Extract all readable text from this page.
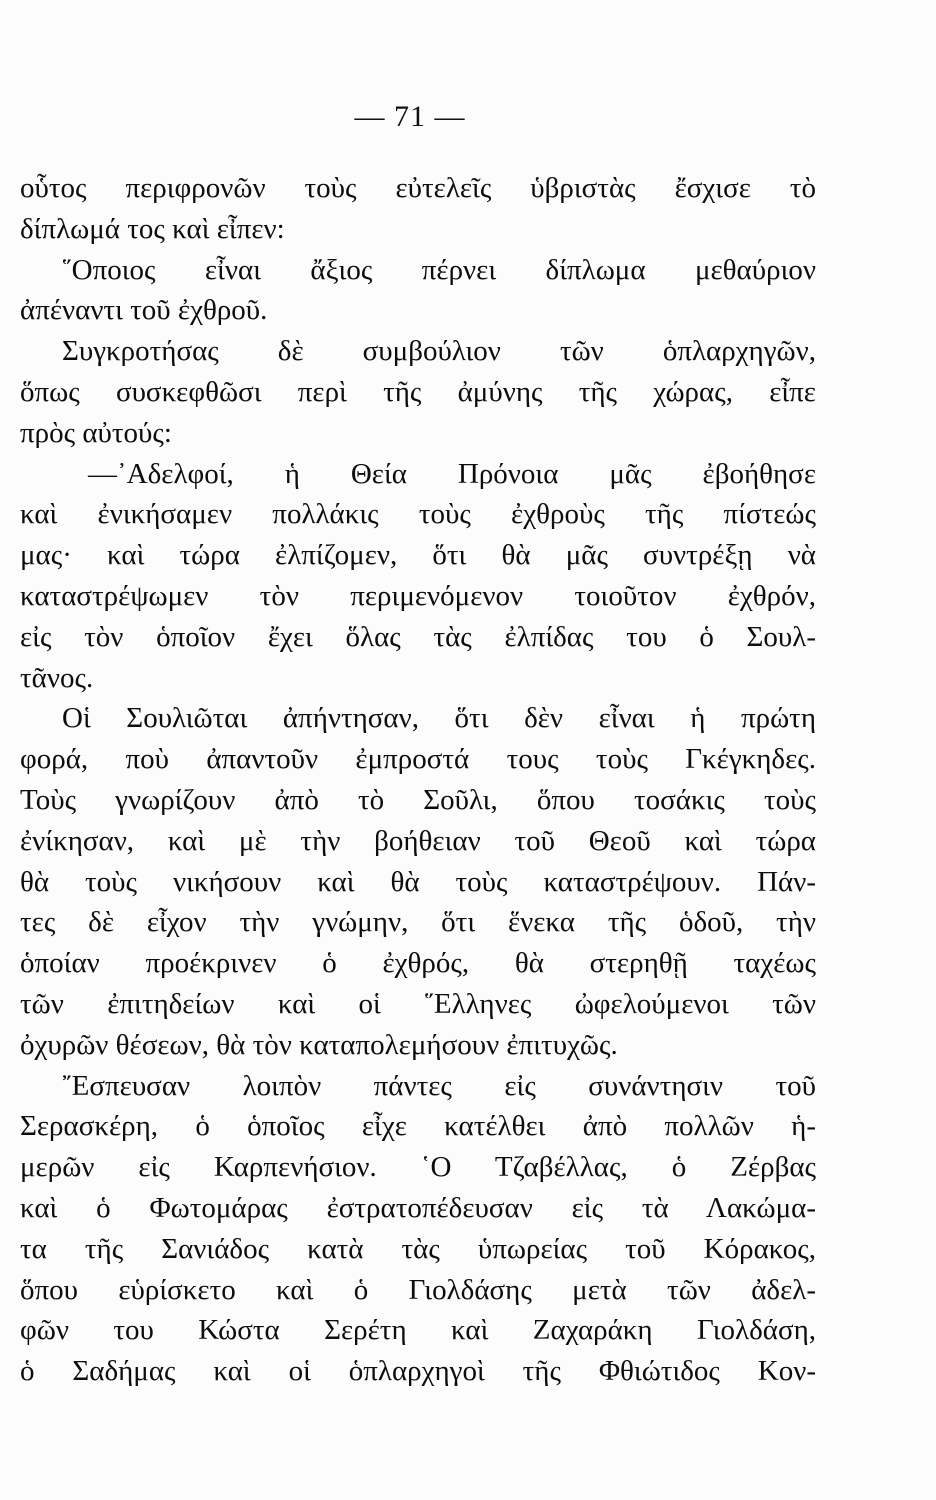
— 71 —
οὗτος περιφρονῶν τοὺς εὐτελεῖς ὑβριστὰς ἔσχισε τὸ
δίπλωμά τος καὶ εἶπεν:
῞Οποιος εἶναι ἄξιος πέρνει δίπλωμα μεθαύριον
ἀπέναντι τοῦ ἐχθροῦ.
Συγκροτήσας δὲ συμβούλιον τῶν ὁπλαρχηγῶν,
ὅπως συσκεφθῶσι περὶ τῆς ἀμύνης τῆς χώρας, εἶπε
πρὸς αὐτούς:
—᾿Αδελφοί, ἡ Θεία Πρόνοια μᾶς ἐβοήθησε
καὶ ἐνικήσαμεν πολλάκις τοὺς ἐχθροὺς τῆς πίστεώς
μας· καὶ τώρα ἐλπίζομεν, ὅτι θὰ μᾶς συντρέξῃ νὰ
καταστρέψωμεν τὸν περιμενόμενον τοιοῦτον ἐχθρόν,
εἰς τὸν ὁποῖον ἔχει ὅλας τὰς ἐλπίδας του ὁ Σουλ-
τᾶνος.
Οἱ Σουλιῶται ἀπήντησαν, ὅτι δὲν εἶναι ἡ πρώτη
φορά, ποὺ ἀπαντοῦν ἐμπροστά τους τοὺς Γκέγκηδες.
Τοὺς γνωρίζουν ἀπὸ τὸ Σοῦλι, ὅπου τοσάκις τοὺς
ἐνίκησαν, καὶ μὲ τὴν βοήθειαν τοῦ Θεοῦ καὶ τώρα
θὰ τοὺς νικήσουν καὶ θὰ τοὺς καταστρέψουν. Πάν-
τες δὲ εἶχον τὴν γνώμην, ὅτι ἕνεκα τῆς ὁδοῦ, τὴν
ὁποίαν προέκρινεν ὁ ἐχθρός, θὰ στερηθῇ ταχέως
τῶν ἐπιτηδείων καὶ οἱ ῞Ελληνες ὠφελούμενοι τῶν
ὀχυρῶν θέσεων, θὰ τὸν καταπολεμήσουν ἐπιτυχῶς.
῎Εσπευσαν λοιπὸν πάντες εἰς συνάντησιν τοῦ
Σερασκέρη, ὁ ὁποῖος εἶχε κατέλθει ἀπὸ πολλῶν ἡ-
μερῶν εἰς Καρπενήσιον. ῾Ο Τζαβέλλας, ὁ Ζέρβας
καὶ ὁ Φωτομάρας ἐστρατοπέδευσαν εἰς τὰ Λακώμα-
τα τῆς Σανιάδος κατὰ τὰς ὑπωρείας τοῦ Κόρακος,
ὅπου εὑρίσκετο καὶ ὁ Γιολδάσης μετὰ τῶν ἀδελ-
φῶν του Κώστα Σερέτη καὶ Ζαχαράκη Γιολδάση,
ὁ Σαδήμας καὶ οἱ ὁπλαρχηγοὶ τῆς Φθιώτιδος Κον-
